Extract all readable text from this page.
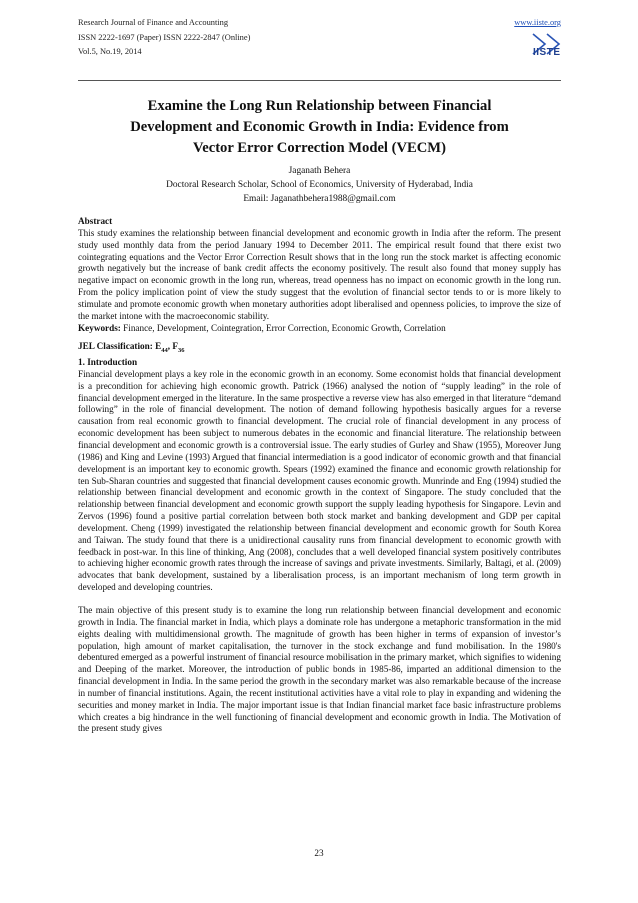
Research Journal of Finance and Accounting
ISSN 2222-1697 (Paper) ISSN 2222-2847 (Online)
Vol.5, No.19, 2014
www.iiste.org
IISTE
Examine the Long Run Relationship between Financial
Development and Economic Growth in India: Evidence from
Vector Error Correction Model (VECM)
Jaganath Behera
Doctoral Research Scholar, School of Economics, University of Hyderabad, India
Email: Jaganathbehera1988@gmail.com
Abstract

This study examines the relationship between financial development and economic growth in India after the reform. The present study used monthly data from the period January 1994 to December 2011. The empirical result found that there exist two cointegrating equations and the Vector Error Correction Result shows that in the long run the stock market is affecting economic growth negatively but the increase of bank credit affects the economy positively. The result also found that money supply has negative impact on economic growth in the long run, whereas, tread openness has no impact on economic growth in the long run. From the policy implication point of view the study suggest that the evolution of financial sector tends to or is more likely to stimulate and promote economic growth when monetary authorities adopt liberalised and openness policies, to improve the size of the market intone with the macroeconomic stability.

Keywords: Finance, Development, Cointegration, Error Correction, Economic Growth, Correlation

JEL Classification: $E_{44}$, $F_{36}$
1. Introduction

Financial development plays a key role in the economic growth in an economy. Some economist holds that financial development is a precondition for achieving high economic growth. Patrick (1966) analysed the notion of “supply leading” in the role of financial development emerged in the literature. In the same prospective a reverse view has also emerged in that literature “demand following” in the role of financial development. The notion of demand following hypothesis basically argues for a reverse causation from real economic growth to financial development. The crucial role of financial development in any process of economic development has been subject to numerous debates in the economic and financial literature. The relationship between financial development and economic growth is a controversial issue. The early studies of Gurley and Shaw (1955), Moreover Jung (1986) and King and Levine (1993) Argued that financial intermediation is a good indicator of economic growth and that financial development is an important key to economic growth. Spears (1992) examined the finance and economic growth relationship for ten Sub-Sharan countries and suggested that financial development causes economic growth. Munrinde and Eng (1994) studied the relationship between financial development and economic growth in the context of Singapore. The study concluded that the relationship between financial development and economic growth support the supply leading hypothesis for Singapore. Levin and Zervos (1996) found a positive partial correlation between both stock market and banking development and GDP per capital development. Cheng (1999) investigated the relationship between financial development and economic growth for South Korea and Taiwan. The study found that there is a unidirectional causality runs from financial development to economic growth with feedback in post-war. In this line of thinking, Ang (2008), concludes that a well developed financial system positively contributes to achieving higher economic growth rates through the increase of savings and private investments. Similarly, Baltagi, et al. (2009) advocates that bank development, sustained by a liberalisation process, is an important mechanism of long term growth in developed and developing countries.

The main objective of this present study is to examine the long run relationship between financial development and economic growth in India. The financial market in India, which plays a dominate role has undergone a metaphoric transformation in the mid eights dealing with multidimensional growth. The magnitude of growth has been higher in terms of expansion of investor’s population, high amount of market capitalisation, the turnover in the stock exchange and fund mobilisation. In the 1980's debentured emerged as a powerful instrument of financial resource mobilisation in the primary market, which signifies to widening and Deeping of the market. Moreover, the introduction of public bonds in 1985-86, imparted an additional dimension to the financial development in India. In the same period the growth in the secondary market was also remarkable because of the increase in number of financial institutions. Again, the recent institutional activities have a vital role to play in expanding and widening the securities and money market in India. The major important issue is that Indian financial market face basic infrastructure problems which creates a big hindrance in the well functioning of financial development and economic growth in India. The Motivation of the present study gives

23
